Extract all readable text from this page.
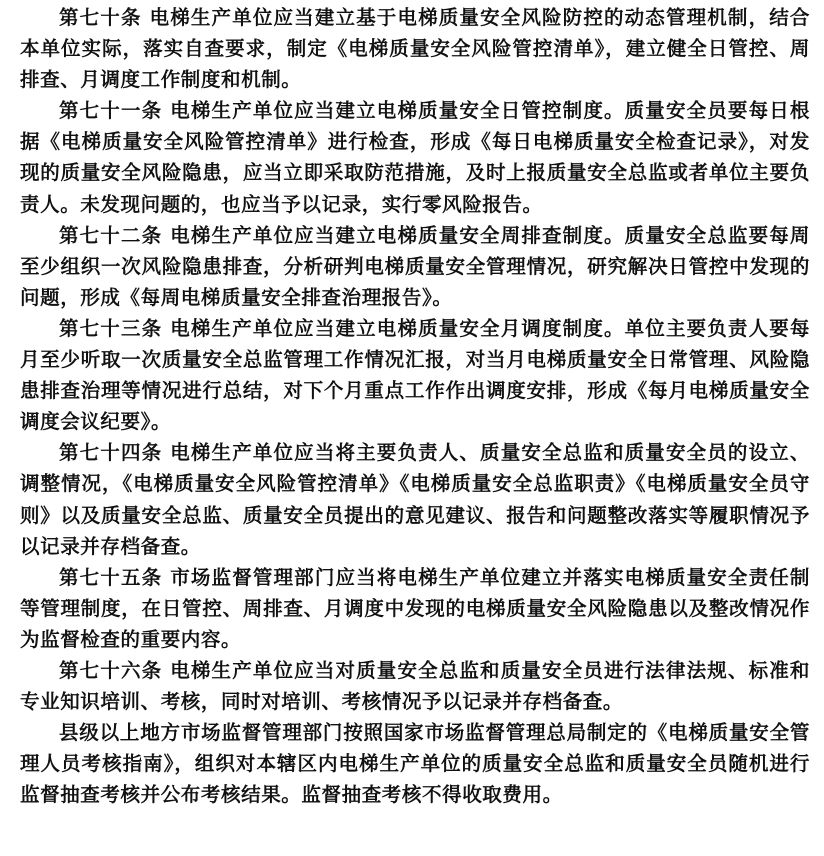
第七十条 电梯生产单位应当建立基于电梯质量安全风险防控的动态管理机制，结合本单位实际，落实自查要求，制定《电梯质量安全风险管控清单》，建立健全日管控、周排查、月调度工作制度和机制。

第七十一条 电梯生产单位应当建立电梯质量安全日管控制度。质量安全员要每日根据《电梯质量安全风险管控清单》进行检查，形成《每日电梯质量安全检查记录》，对发现的质量安全风险隐患，应当立即采取防范措施，及时上报质量安全总监或者单位主要负责人。未发现问题的，也应当予以记录，实行零风险报告。

第七十二条 电梯生产单位应当建立电梯质量安全周排查制度。质量安全总监要每周至少组织一次风险隐患排查，分析研判电梯质量安全管理情况，研究解决日管控中发现的问题，形成《每周电梯质量安全排查治理报告》。

第七十三条 电梯生产单位应当建立电梯质量安全月调度制度。单位主要负责人要每月至少听取一次质量安全总监管理工作情况汇报，对当月电梯质量安全日常管理、风险隐患排查治理等情况进行总结，对下个月重点工作作出调度安排，形成《每月电梯质量安全调度会议纪要》。

第七十四条 电梯生产单位应当将主要负责人、质量安全总监和质量安全员的设立、调整情况，《电梯质量安全风险管控清单》《电梯质量安全总监职责》《电梯质量安全员守则》以及质量安全总监、质量安全员提出的意见建议、报告和问题整改落实等履职情况予以记录并存档备查。

第七十五条 市场监督管理部门应当将电梯生产单位建立并落实电梯质量安全责任制等管理制度，在日管控、周排查、月调度中发现的电梯质量安全风险隐患以及整改情况作为监督检查的重要内容。

第七十六条 电梯生产单位应当对质量安全总监和质量安全员进行法律法规、标准和专业知识培训、考核，同时对培训、考核情况予以记录并存档备查。

县级以上地方市场监督管理部门按照国家市场监督管理总局制定的《电梯质量安全管理人员考核指南》，组织对本辖区内电梯生产单位的质量安全总监和质量安全员随机进行监督抽查考核并公布考核结果。监督抽查考核不得收取费用。
